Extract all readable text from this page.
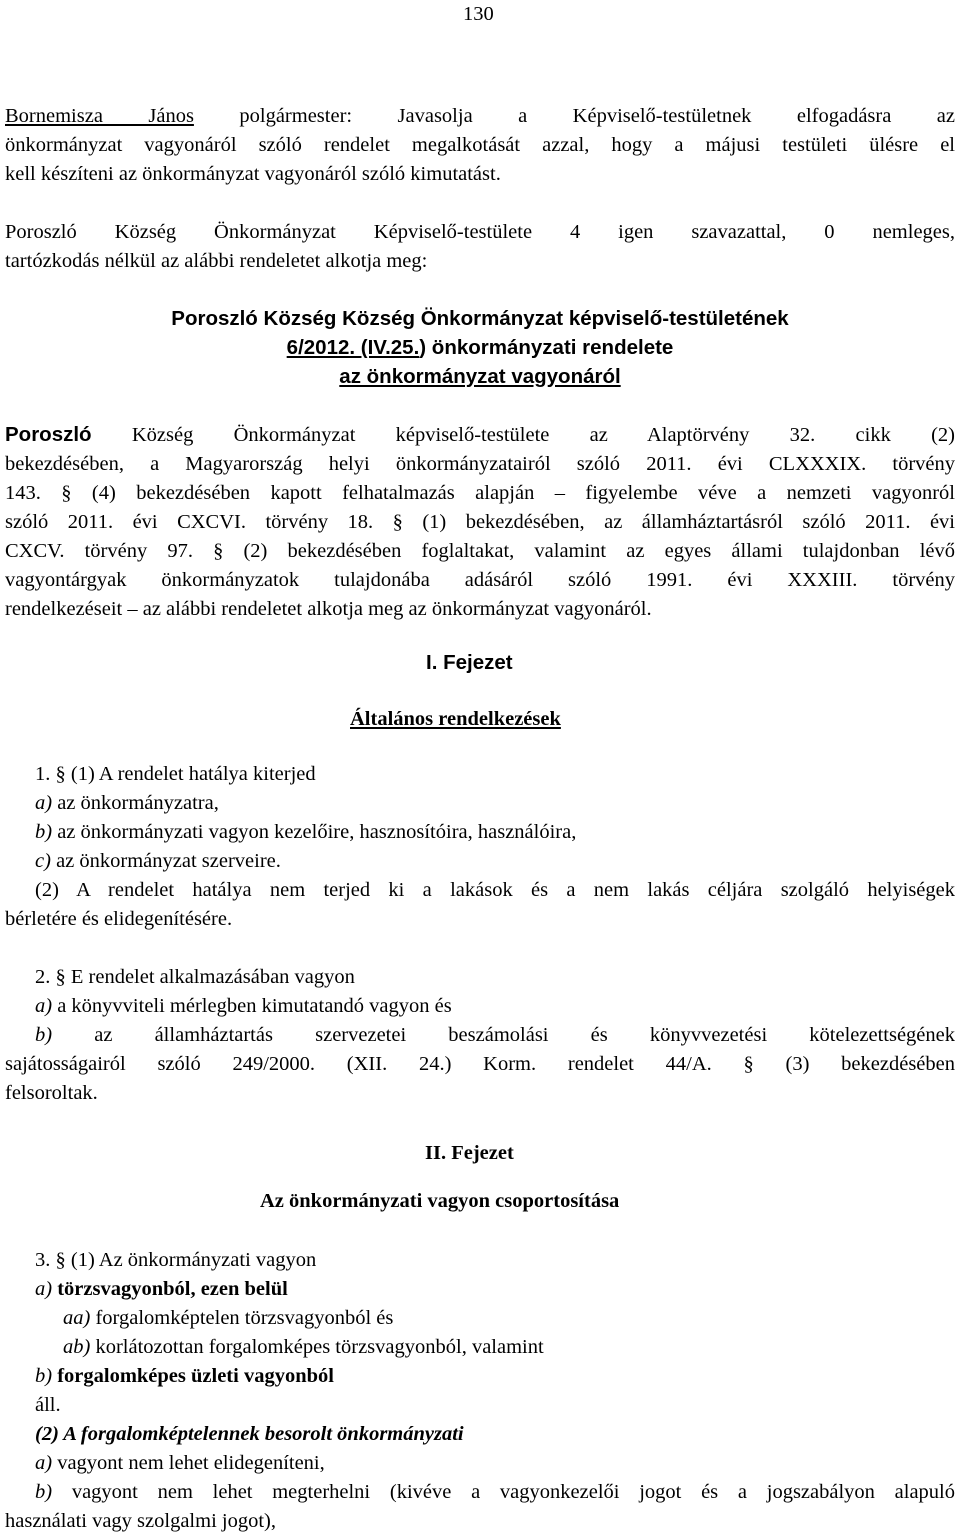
130
Bornemisza János polgármester: Javasolja a Képviselő-testületnek elfogadásra az
önkormányzat vagyonáról szóló rendelet megalkotását azzal, hogy a májusi testületi ülésre el
kell készíteni az önkormányzat vagyonáról szóló kimutatást.
Poroszló Község Önkormányzat Képviselő-testülete 4 igen szavazattal, 0 nemleges,
tartózkodás nélkül az alábbi rendeletet alkotja meg:
Poroszló Község Község Önkormányzat képviselő-testületének
6/2012. (IV.25.) önkormányzati rendelete
az önkormányzat vagyonáról
Poroszló Község Önkormányzat képviselő-testülete az Alaptörvény 32. cikk (2)
bekezdésében, a Magyarország helyi önkormányzatairól szóló 2011. évi CLXXXIX. törvény
143. § (4) bekezdésében kapott felhatalmazás alapján – figyelembe véve a nemzeti vagyonról
szóló 2011. évi CXCVI. törvény 18. § (1) bekezdésében, az államháztartásról szóló 2011. évi
CXCV. törvény 97. § (2) bekezdésében foglaltakat, valamint az egyes állami tulajdonban lévő
vagyontárgyak önkormányzatok tulajdonába adásáról szóló 1991. évi XXXIII. törvény
rendelkezéseit – az alábbi rendeletet alkotja meg az önkormányzat vagyonáról.
I. Fejezet
Általános rendelkezések
1. § (1) A rendelet hatálya kiterjed
a) az önkormányzatra,
b) az önkormányzati vagyon kezelőire, hasznosítóira, használóira,
c) az önkormányzat szerveire.
(2) A rendelet hatálya nem terjed ki a lakások és a nem lakás céljára szolgáló helyiségek
bérletére és elidegenítésére.
2. § E rendelet alkalmazásában vagyon
a) a könyvviteli mérlegben kimutatandó vagyon és
b) az államháztartás szervezetei beszámolási és könyvvezetési kötelezettségének
sajátosságairól szóló 249/2000. (XII. 24.) Korm. rendelet 44/A. § (3) bekezdésében
felsoroltak.
II. Fejezet
Az önkormányzati vagyon csoportosítása
3. § (1) Az önkormányzati vagyon
a) törzsvagyonból, ezen belül
aa) forgalomképtelen törzsvagyonból és
ab) korlátozottan forgalomképes törzsvagyonból, valamint
b) forgalomképes üzleti vagyonból
áll.
(2) A forgalomképtelennek besorolt önkormányzati
a) vagyont nem lehet elidegeníteni,
b) vagyont nem lehet megterhelni (kivéve a vagyonkezelői jogot és a jogszabályon alapuló
használati vagy szolgalmi jogot),
